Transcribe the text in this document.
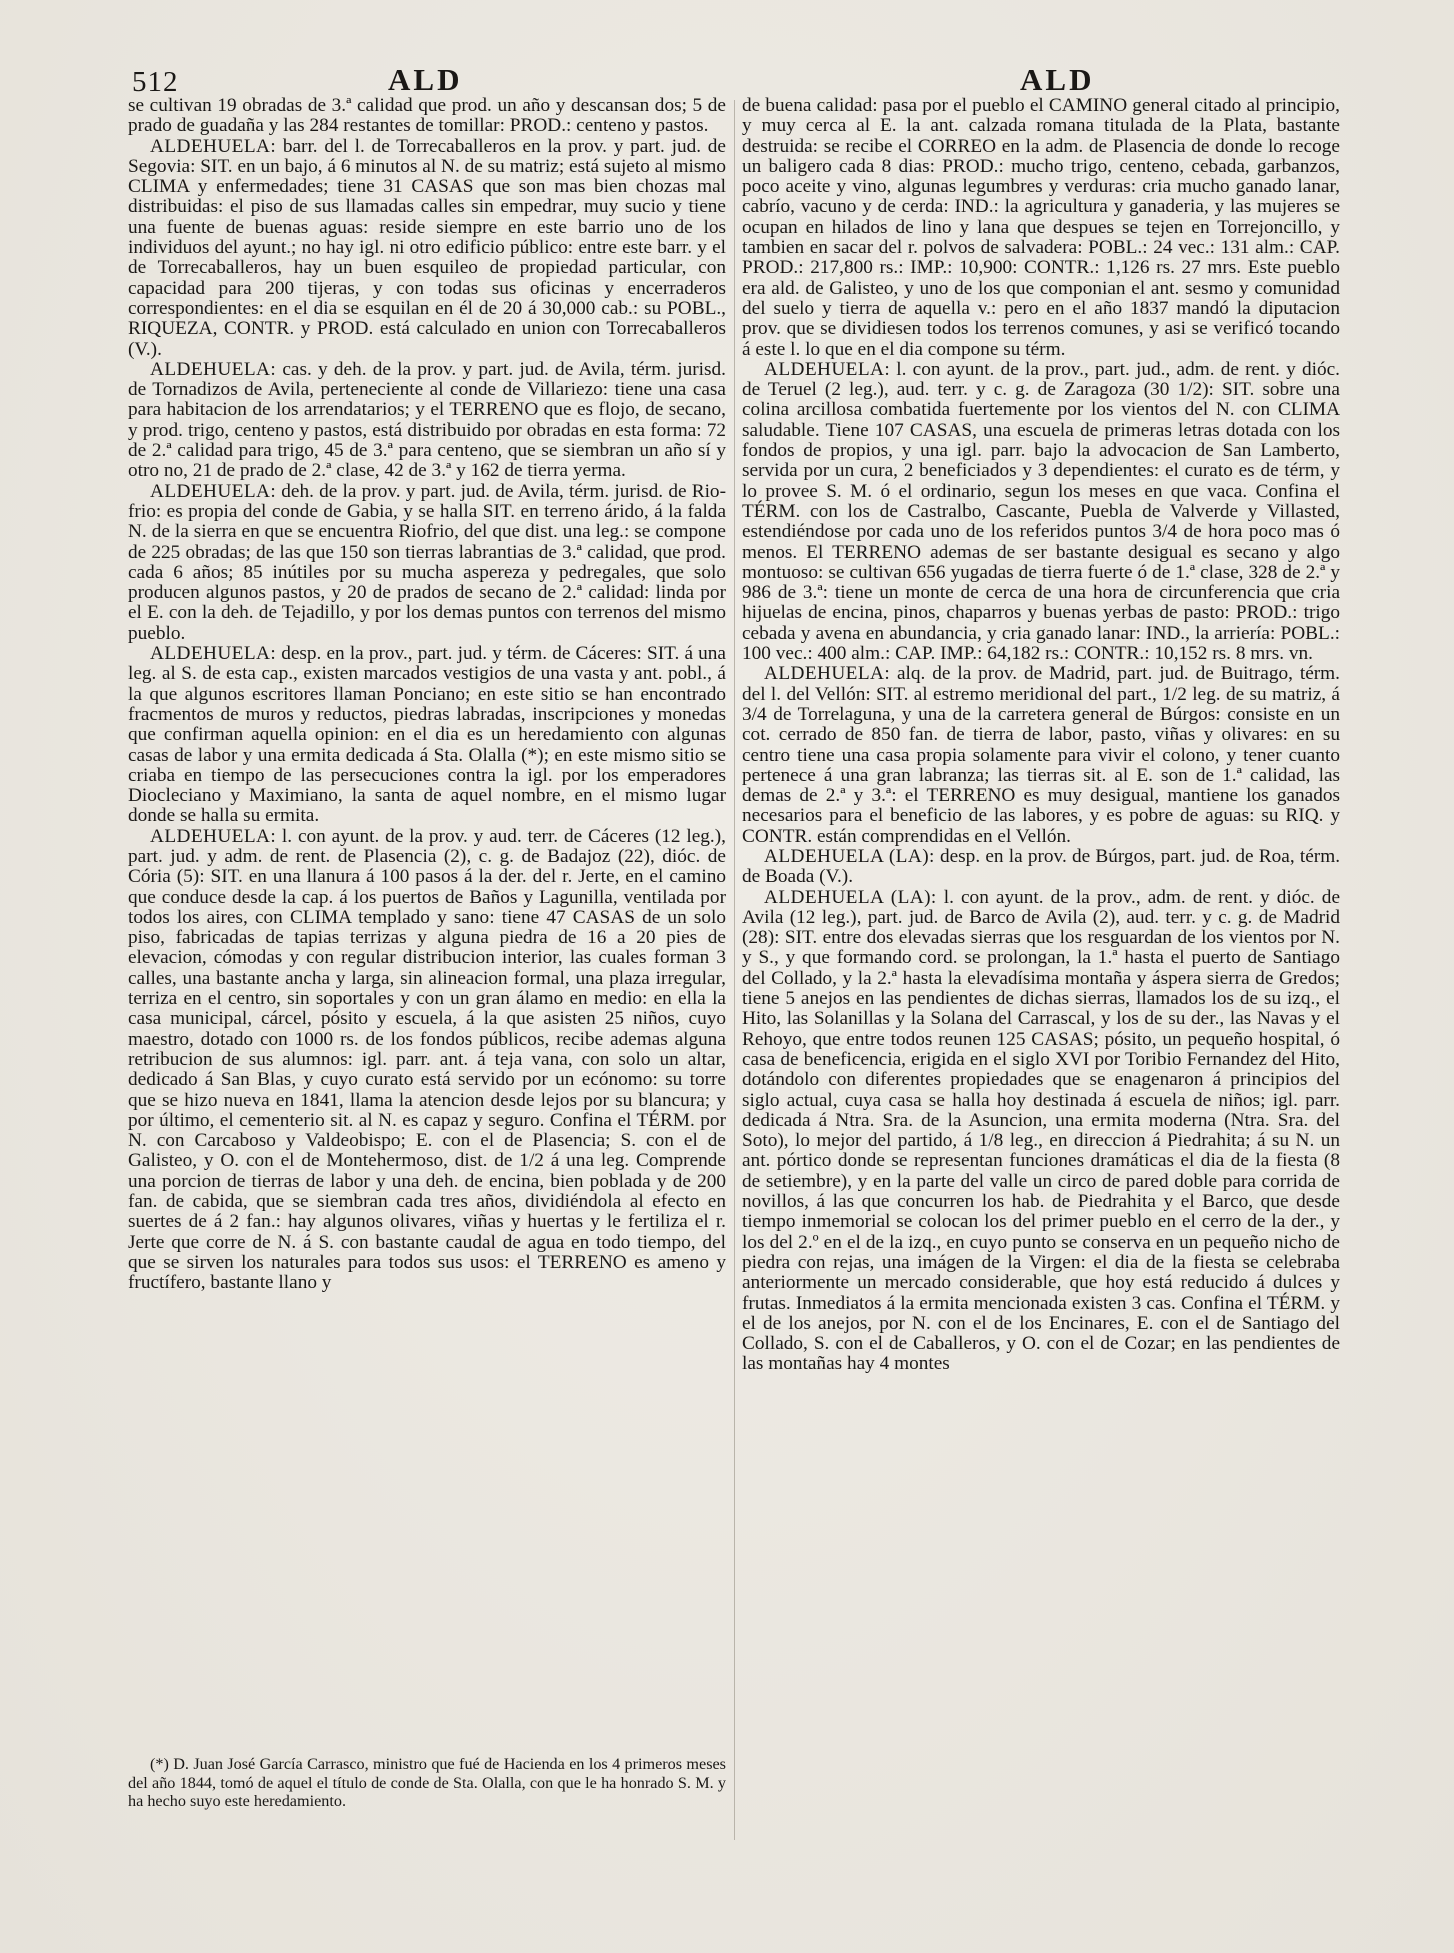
512	ALD	ALD

se cultivan 19 obradas de 3.ª calidad que prod. un año y descansan dos; 5 de prado de guadaña y las 284 restantes de tomillar: PROD.: centeno y pastos.

ALDEHUELA: barr. del l. de Torrecaballeros en la prov. y part. jud. de Segovia: SIT. en un bajo, á 6 minutos al N. de su matriz; está sujeto al mismo CLIMA y enfermedades; tiene 31 CASAS que son mas bien chozas mal distribuidas: el piso de sus llamadas calles sin empedrar, muy sucio y tiene una fuente de buenas aguas: reside siempre en este barrio uno de los individuos del ayunt.; no hay igl. ni otro edificio público: entre este barr. y el de Torrecaballeros, hay un buen esquileo de propiedad particular, con capacidad para 200 tijeras, y con todas sus oficinas y encerraderos correspondientes: en el dia se esquilan en él de 20 á 30,000 cab.: su POBL., RIQUEZA, CONTR. y PROD. está calculado en union con Torrecaballeros (V.).

ALDEHUELA: cas. y deh. de la prov. y part. jud. de Avila, térm. jurisd. de Tornadizos de Avila, perteneciente al conde de Villariezo: tiene una casa para habitacion de los arrendatarios; y el TERRENO que es flojo, de secano, y prod. trigo, centeno y pastos, está distribuido por obradas en esta forma: 72 de 2.ª calidad para trigo, 45 de 3.ª para centeno, que se siembran un año sí y otro no, 21 de prado de 2.ª clase, 42 de 3.ª y 162 de tierra yerma.

ALDEHUELA: deh. de la prov. y part. jud. de Avila, térm. jurisd. de Rio-frio: es propia del conde de Gabia, y se halla SIT. en terreno árido, á la falda N. de la sierra en que se encuentra Riofrio, del que dist. una leg.: se compone de 225 obradas; de las que 150 son tierras labrantias de 3.ª calidad, que prod. cada 6 años; 85 inútiles por su mucha aspereza y pedregales, que solo producen algunos pastos, y 20 de prados de secano de 2.ª calidad: linda por el E. con la deh. de Tejadillo, y por los demas puntos con terrenos del mismo pueblo.

ALDEHUELA: desp. en la prov., part. jud. y térm. de Cáceres: SIT. á una leg. al S. de esta cap., existen marcados vestigios de una vasta y ant. pobl., á la que algunos escritores llaman Ponciano; en este sitio se han encontrado fracmentos de muros y reductos, piedras labradas, inscripciones y monedas que confirman aquella opinion: en el dia es un heredamiento con algunas casas de labor y una ermita dedicada á Sta. Olalla (*); en este mismo sitio se criaba en tiempo de las persecuciones contra la igl. por los emperadores Diocleciano y Maximiano, la santa de aquel nombre, en el mismo lugar donde se halla su ermita.

ALDEHUELA: l. con ayunt. de la prov. y aud. terr. de Cáceres (12 leg.), part. jud. y adm. de rent. de Plasencia (2), c. g. de Badajoz (22), dióc. de Cória (5): SIT. en una llanura á 100 pasos á la der. del r. Jerte, en el camino que conduce desde la cap. á los puertos de Baños y Lagunilla, ventilada por todos los aires, con CLIMA templado y sano: tiene 47 CASAS de un solo piso, fabricadas de tapias terrizas y alguna piedra de 16 a 20 pies de elevacion, cómodas y con regular distribucion interior, las cuales forman 3 calles, una bastante ancha y larga, sin alineacion formal, una plaza irregular, terriza en el centro, sin soportales y con un gran álamo en medio: en ella la casa municipal, cárcel, pósito y escuela, á la que asisten 25 niños, cuyo maestro, dotado con 1000 rs. de los fondos públicos, recibe ademas alguna retribucion de sus alumnos: igl. parr. ant. á teja vana, con solo un altar, dedicado á San Blas, y cuyo curato está servido por un ecónomo: su torre que se hizo nueva en 1841, llama la atencion desde lejos por su blancura; y por último, el cementerio sit. al N. es capaz y seguro. Confina el TÉRM. por N. con Carcaboso y Valdeobispo; E. con el de Plasencia; S. con el de Galisteo, y O. con el de Montehermoso, dist. de 1/2 á una leg. Comprende una porcion de tierras de labor y una deh. de encina, bien poblada y de 200 fan. de cabida, que se siembran cada tres años, dividiéndola al efecto en suertes de á 2 fan.: hay algunos olivares, viñas y huertas y le fertiliza el r. Jerte que corre de N. á S. con bastante caudal de agua en todo tiempo, del que se sirven los naturales para todos sus usos: el TERRENO es ameno y fructífero, bastante llano y

(*) D. Juan José García Carrasco, ministro que fué de Hacienda en los 4 primeros meses del año 1844, tomó de aquel el título de conde de Sta. Olalla, con que le ha honrado S. M. y ha hecho suyo este heredamiento.

de buena calidad: pasa por el pueblo el CAMINO general citado al principio, y muy cerca al E. la ant. calzada romana titulada de la Plata, bastante destruida: se recibe el CORREO en la adm. de Plasencia de donde lo recoge un baligero cada 8 dias: PROD.: mucho trigo, centeno, cebada, garbanzos, poco aceite y vino, algunas legumbres y verduras: cria mucho ganado lanar, cabrío, vacuno y de cerda: IND.: la agricultura y ganaderia, y las mujeres se ocupan en hilados de lino y lana que despues se tejen en Torrejoncillo, y tambien en sacar del r. polvos de salvadera: POBL.: 24 vec.: 131 alm.: CAP. PROD.: 217,800 rs.: IMP.: 10,900: CONTR.: 1,126 rs. 27 mrs. Este pueblo era ald. de Galisteo, y uno de los que componian el ant. sesmo y comunidad del suelo y tierra de aquella v.: pero en el año 1837 mandó la diputacion prov. que se dividiesen todos los terrenos comunes, y asi se verificó tocando á este l. lo que en el dia compone su térm.

ALDEHUELA: l. con ayunt. de la prov., part. jud., adm. de rent. y dióc. de Teruel (2 leg.), aud. terr. y c. g. de Zaragoza (30 1/2): SIT. sobre una colina arcillosa combatida fuertemente por los vientos del N. con CLIMA saludable. Tiene 107 CASAS, una escuela de primeras letras dotada con los fondos de propios, y una igl. parr. bajo la advocacion de San Lamberto, servida por un cura, 2 beneficiados y 3 dependientes: el curato es de térm, y lo provee S. M. ó el ordinario, segun los meses en que vaca. Confina el TÉRM. con los de Castralbo, Cascante, Puebla de Valverde y Villasted, estendiéndose por cada uno de los referidos puntos 3/4 de hora poco mas ó menos. El TERRENO ademas de ser bastante desigual es secano y algo montuoso: se cultivan 656 yugadas de tierra fuerte ó de 1.ª clase, 328 de 2.ª y 986 de 3.ª: tiene un monte de cerca de una hora de circunferencia que cria hijuelas de encina, pinos, chaparros y buenas yerbas de pasto: PROD.: trigo cebada y avena en abundancia, y cria ganado lanar: IND., la arriería: POBL.: 100 vec.: 400 alm.: CAP. IMP.: 64,182 rs.: CONTR.: 10,152 rs. 8 mrs. vn.

ALDEHUELA: alq. de la prov. de Madrid, part. jud. de Buitrago, térm. del l. del Vellón: SIT. al estremo meridional del part., 1/2 leg. de su matriz, á 3/4 de Torrelaguna, y una de la carretera general de Búrgos: consiste en un cot. cerrado de 850 fan. de tierra de labor, pasto, viñas y olivares: en su centro tiene una casa propia solamente para vivir el colono, y tener cuanto pertenece á una gran labranza; las tierras sit. al E. son de 1.ª calidad, las demas de 2.ª y 3.ª: el TERRENO es muy desigual, mantiene los ganados necesarios para el beneficio de las labores, y es pobre de aguas: su RIQ. y CONTR. están comprendidas en el Vellón.

ALDEHUELA (LA): desp. en la prov. de Búrgos, part. jud. de Roa, térm. de Boada (V.).

ALDEHUELA (LA): l. con ayunt. de la prov., adm. de rent. y dióc. de Avila (12 leg.), part. jud. de Barco de Avila (2), aud. terr. y c. g. de Madrid (28): SIT. entre dos elevadas sierras que los resguardan de los vientos por N. y S., y que formando cord. se prolongan, la 1.ª hasta el puerto de Santiago del Collado, y la 2.ª hasta la elevadísima montaña y áspera sierra de Gredos; tiene 5 anejos en las pendientes de dichas sierras, llamados los de su izq., el Hito, las Solanillas y la Solana del Carrascal, y los de su der., las Navas y el Rehoyo, que entre todos reunen 125 CASAS; pósito, un pequeño hospital, ó casa de beneficencia, erigida en el siglo XVI por Toribio Fernandez del Hito, dotándolo con diferentes propiedades que se enagenaron á principios del siglo actual, cuya casa se halla hoy destinada á escuela de niños; igl. parr. dedicada á Ntra. Sra. de la Asuncion, una ermita moderna (Ntra. Sra. del Soto), lo mejor del partido, á 1/8 leg., en direccion á Piedrahita; á su N. un ant. pórtico donde se representan funciones dramáticas el dia de la fiesta (8 de setiembre), y en la parte del valle un circo de pared doble para corrida de novillos, á las que concurren los hab. de Piedrahita y el Barco, que desde tiempo inmemorial se colocan los del primer pueblo en el cerro de la der., y los del 2.º en el de la izq., en cuyo punto se conserva en un pequeño nicho de piedra con rejas, una imágen de la Virgen: el dia de la fiesta se celebraba anteriormente un mercado considerable, que hoy está reducido á dulces y frutas. Inmediatos á la ermita mencionada existen 3 cas. Confina el TÉRM. y el de los anejos, por N. con el de los Encinares, E. con el de Santiago del Collado, S. con el de Caballeros, y O. con el de Cozar; en las pendientes de las montañas hay 4 montes
